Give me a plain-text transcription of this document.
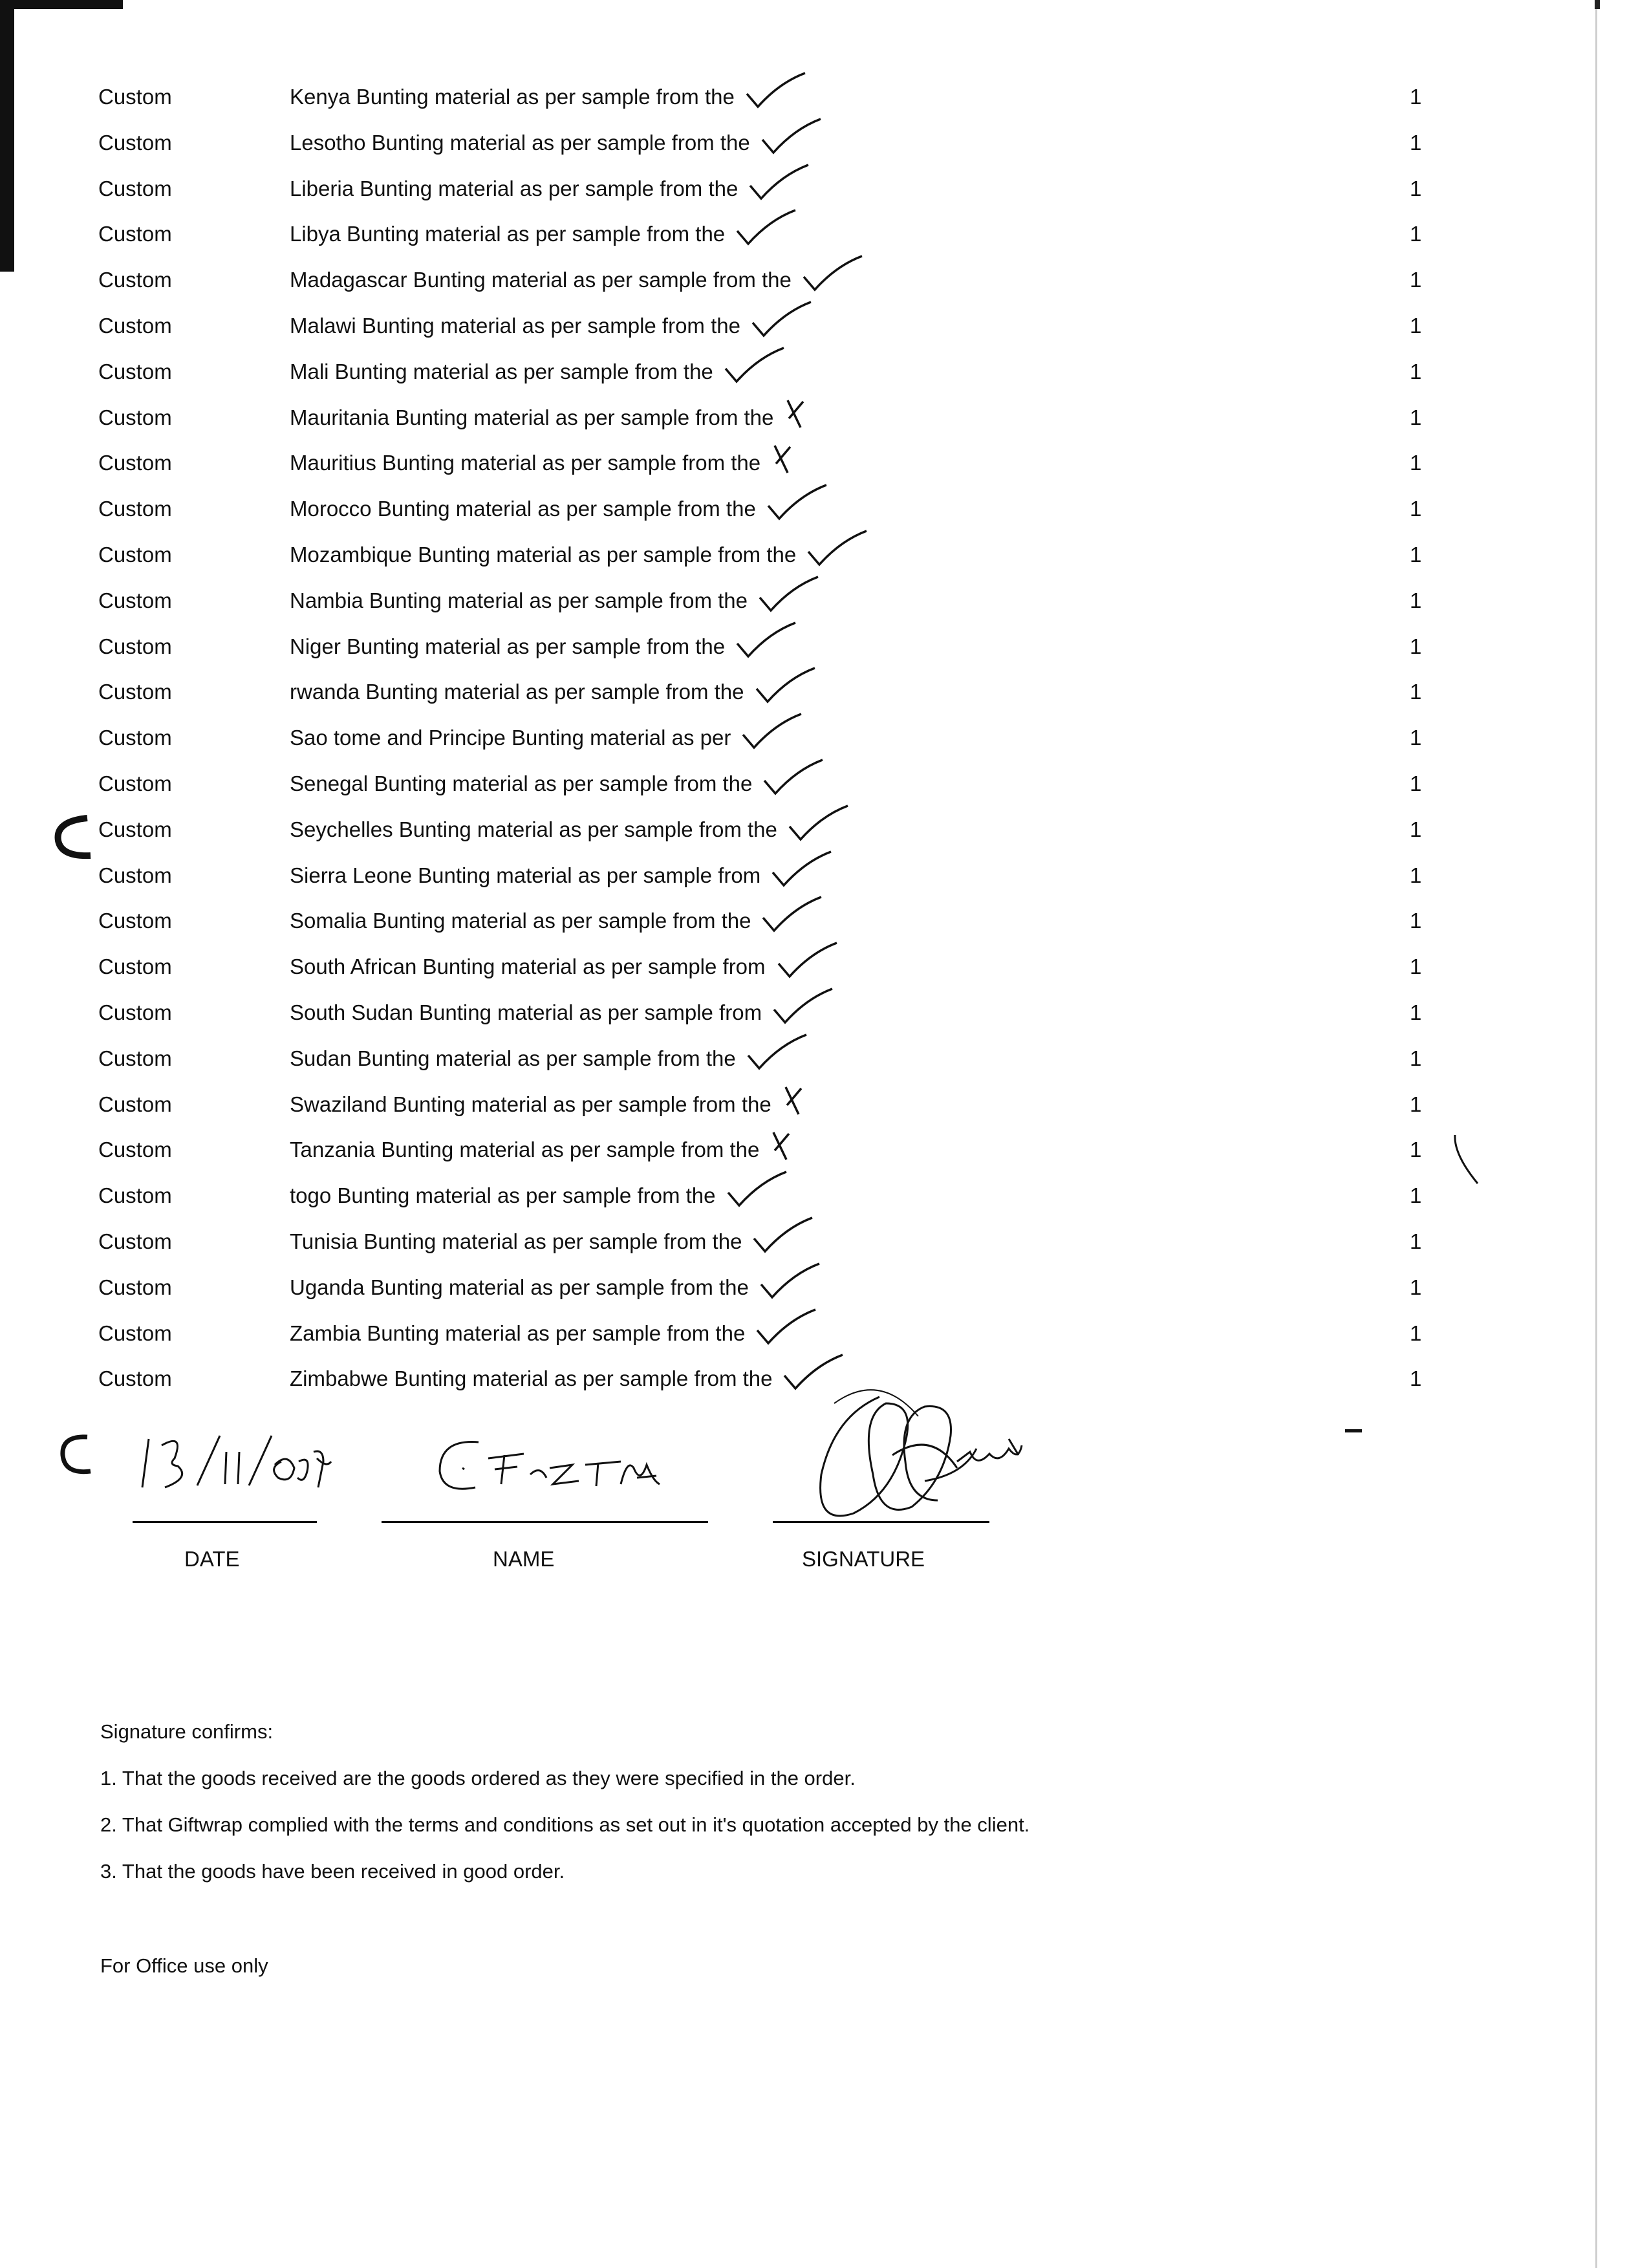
Custom	Kenya Bunting material as per sample from the	1
Custom	Lesotho Bunting material as per sample from the	1
Custom	Liberia Bunting material as per sample from the	1
Custom	Libya Bunting material as per sample from the	1
Custom	Madagascar Bunting material as per sample from the	1
Custom	Malawi Bunting material as per sample from the	1
Custom	Mali Bunting material as per sample from the	1
Custom	Mauritania Bunting material as per sample from the	1
Custom	Mauritius Bunting material as per sample from the	1
Custom	Morocco Bunting material as per sample from the	1
Custom	Mozambique Bunting material as per sample from the	1
Custom	Nambia Bunting material as per sample from the	1
Custom	Niger Bunting material as per sample from the	1
Custom	rwanda Bunting material as per sample from the	1
Custom	Sao tome and Principe Bunting material as per	1
Custom	Senegal Bunting material as per sample from the	1
Custom	Seychelles Bunting material as per sample from the	1
Custom	Sierra Leone Bunting material as per sample from	1
Custom	Somalia Bunting material as per sample from the	1
Custom	South African Bunting material as per sample from	1
Custom	South Sudan Bunting material as per sample from	1
Custom	Sudan Bunting material as per sample from the	1
Custom	Swaziland Bunting material as per sample from the	1
Custom	Tanzania Bunting material as per sample from the	1
Custom	togo Bunting material as per sample from the	1
Custom	Tunisia Bunting material as per sample from the	1
Custom	Uganda Bunting material as per sample from the	1
Custom	Zambia Bunting material as per sample from the	1
Custom	Zimbabwe Bunting material as per sample from the	1
DATE	NAME	SIGNATURE

Signature confirms:

1. That the goods received are the goods ordered as they were specified in the order.

2. That Giftwrap complied with the terms and conditions as set out in it's quotation accepted by the client.

3. That the goods have been received in good order.

For Office use only
